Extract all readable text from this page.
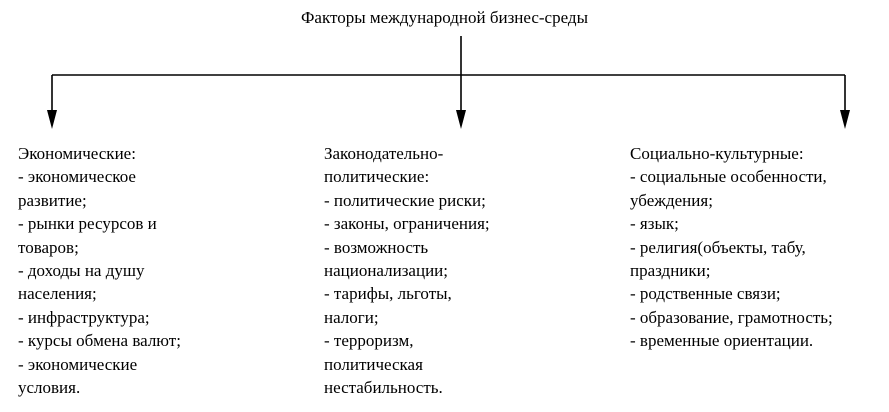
Факторы международной бизнес-среды
Экономические:
- экономическое
развитие;
- рынки ресурсов и
товаров;
- доходы на душу
населения;
- инфраструктура;
- курсы обмена валют;
- экономические
условия.
Законодательно-
политические:
- политические риски;
- законы, ограничения;
- возможность
национализации;
- тарифы, льготы,
налоги;
- терроризм,
политическая
нестабильность.
Социально-культурные:
- социальные особенности,
убеждения;
- язык;
- религия(объекты, табу,
праздники;
- родственные связи;
- образование, грамотность;
- временные ориентации.
